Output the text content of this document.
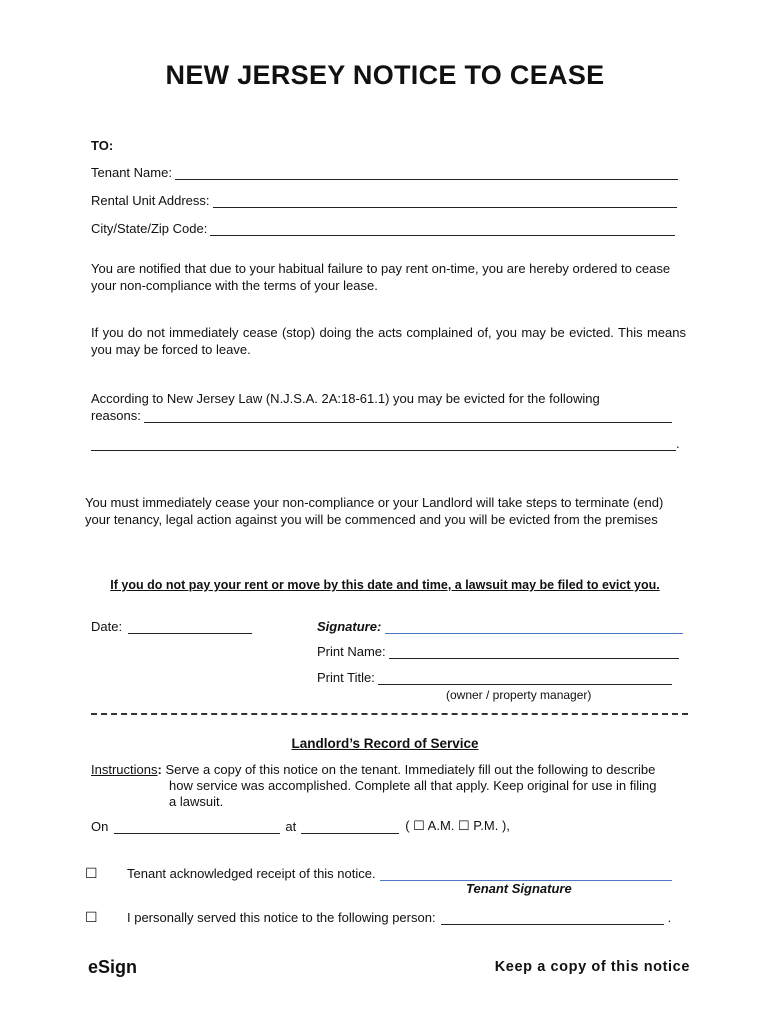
NEW JERSEY NOTICE TO CEASE
TO:
Tenant Name:
Rental Unit Address:
City/State/Zip Code:
You are notified that due to your habitual failure to pay rent on-time, you are hereby ordered to cease your non-compliance with the terms of your lease.
If you do not immediately cease (stop) doing the acts complained of, you may be evicted. This means you may be forced to leave.
According to New Jersey Law (N.J.S.A. 2A:18-61.1) you may be evicted for the following
reasons:
.
You must immediately cease your non-compliance or your Landlord will take steps to terminate (end) your tenancy, legal action against you will be commenced and you will be evicted from the premises
If you do not pay your rent or move by this date and time, a lawsuit may be filed to evict you.
Date:	Signature:
Print Name:
Print Title:
(owner / property manager)
Landlord’s Record of Service
Instructions: Serve a copy of this notice on the tenant. Immediately fill out the following to describe
how service was accomplished. Complete all that apply. Keep original for use in filing
a lawsuit.
On	at	( ☐ A.M. ☐ P.M. ),
☐ Tenant acknowledged receipt of this notice.
Tenant Signature
☐ I personally served this notice to the following person:	.
eSign	Keep a copy of this notice
